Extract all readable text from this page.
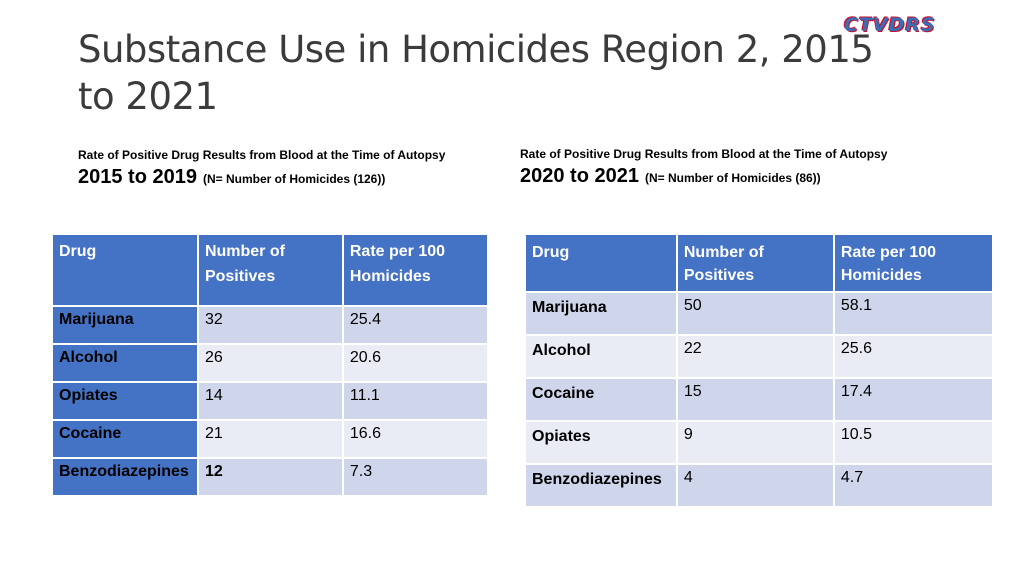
Substance Use in Homicides Region 2, 2015 to 2021
CTVDRS
Rate of Positive Drug Results from Blood at the Time of Autopsy
2015 to 2019 (N= Number of Homicides (126))
Rate of Positive Drug Results from Blood at the Time of Autopsy
2020 to 2021 (N= Number of Homicides (86))
Drug	Number of Positives	Rate per 100 Homicides
Marijuana	32	25.4
Alcohol	26	20.6
Opiates	14	11.1
Cocaine	21	16.6
Benzodiazepines	12	7.3
Drug	Number of Positives	Rate per 100 Homicides
Marijuana	50	58.1
Alcohol	22	25.6
Cocaine	15	17.4
Opiates	9	10.5
Benzodiazepines	4	4.7
